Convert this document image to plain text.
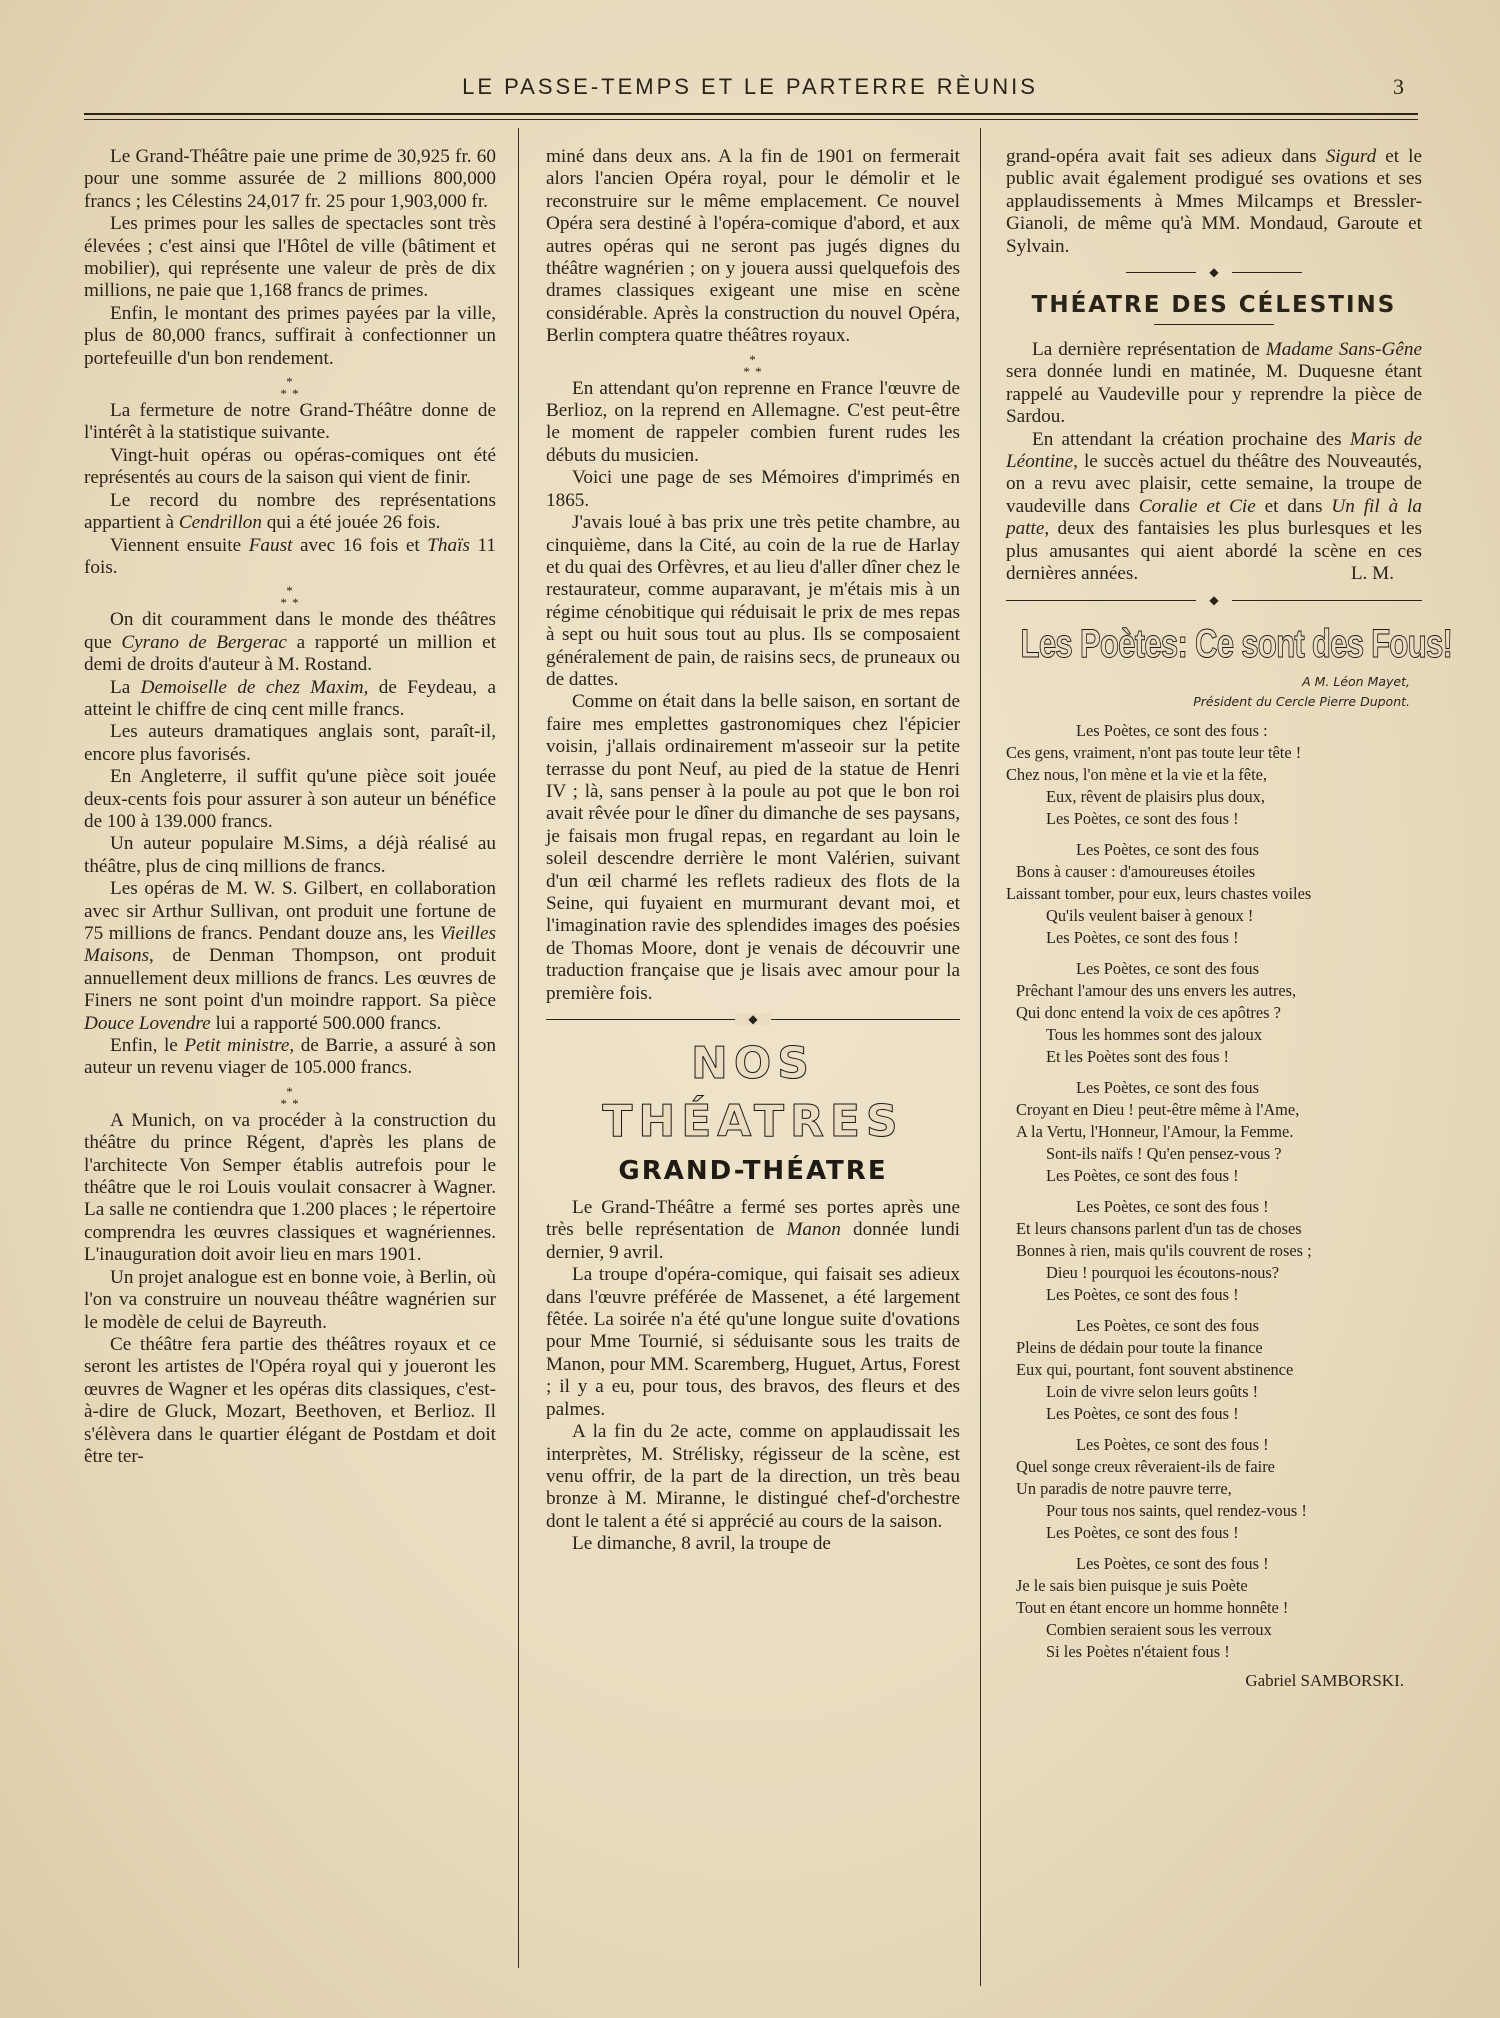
LE PASSE-TEMPS ET LE PARTERRE RÈUNIS	3

Le Grand-Théâtre paie une prime de 30,925 fr. 60 pour une somme assurée de 2 millions 800,000 francs ; les Célestins 24,017 fr. 25 pour 1,903,000 fr.

Les primes pour les salles de spectacles sont très élevées ; c'est ainsi que l'Hôtel de ville (bâtiment et mobilier), qui représente une valeur de près de dix millions, ne paie que 1,168 francs de primes.

Enfin, le montant des primes payées par la ville, plus de 80,000 francs, suffirait à confectionner un portefeuille d'un bon rendement.

*
* *

La fermeture de notre Grand-Théâtre donne de l'intérêt à la statistique suivante.

Vingt-huit opéras ou opéras-comiques ont été représentés au cours de la saison qui vient de finir.

Le record du nombre des représentations appartient à Cendrillon qui a été jouée 26 fois.

Viennent ensuite Faust avec 16 fois et Thaïs 11 fois.

*
* *

On dit couramment dans le monde des théâtres que Cyrano de Bergerac a rapporté un million et demi de droits d'auteur à M. Rostand.

La Demoiselle de chez Maxim, de Feydeau, a atteint le chiffre de cinq cent mille francs.

Les auteurs dramatiques anglais sont, paraît-il, encore plus favorisés.

En Angleterre, il suffit qu'une pièce soit jouée deux-cents fois pour assurer à son auteur un bénéfice de 100 à 139.000 francs.

Un auteur populaire M.Sims, a déjà réalisé au théâtre, plus de cinq millions de francs.

Les opéras de M. W. S. Gilbert, en collaboration avec sir Arthur Sullivan, ont produit une fortune de 75 millions de francs. Pendant douze ans, les Vieilles Maisons, de Denman Thompson, ont produit annuellement deux millions de francs. Les œuvres de Finers ne sont point d'un moindre rapport. Sa pièce Douce Lovendre lui a rapporté 500.000 francs.

Enfin, le Petit ministre, de Barrie, a assuré à son auteur un revenu viager de 105.000 francs.

*
* *

A Munich, on va procéder à la construction du théâtre du prince Régent, d'après les plans de l'architecte Von Semper établis autrefois pour le théâtre que le roi Louis voulait consacrer à Wagner. La salle ne contiendra que 1.200 places ; le répertoire comprendra les œuvres classiques et wagnériennes. L'inauguration doit avoir lieu en mars 1901.

Un projet analogue est en bonne voie, à Berlin, où l'on va construire un nouveau théâtre wagnérien sur le modèle de celui de Bayreuth.

Ce théâtre fera partie des théâtres royaux et ce seront les artistes de l'Opéra royal qui y joueront les œuvres de Wagner et les opéras dits classiques, c'est-à-dire de Gluck, Mozart, Beethoven, et Berlioz. Il s'élèvera dans le quartier élégant de Postdam et doit être ter-

miné dans deux ans. A la fin de 1901 on fermerait alors l'ancien Opéra royal, pour le démolir et le reconstruire sur le même emplacement. Ce nouvel Opéra sera destiné à l'opéra-comique d'abord, et aux autres opéras qui ne seront pas jugés dignes du théâtre wagnérien ; on y jouera aussi quelquefois des drames classiques exigeant une mise en scène considérable. Après la construction du nouvel Opéra, Berlin comptera quatre théâtres royaux.

*
* *

En attendant qu'on reprenne en France l'œuvre de Berlioz, on la reprend en Allemagne. C'est peut-être le moment de rappeler combien furent rudes les débuts du musicien.

Voici une page de ses Mémoires d'imprimés en 1865.

J'avais loué à bas prix une très petite chambre, au cinquième, dans la Cité, au coin de la rue de Harlay et du quai des Orfèvres, et au lieu d'aller dîner chez le restaurateur, comme auparavant, je m'étais mis à un régime cénobitique qui réduisait le prix de mes repas à sept ou huit sous tout au plus. Ils se composaient généralement de pain, de raisins secs, de pruneaux ou de dattes.

Comme on était dans la belle saison, en sortant de faire mes emplettes gastronomiques chez l'épicier voisin, j'allais ordinairement m'asseoir sur la petite terrasse du pont Neuf, au pied de la statue de Henri IV ; là, sans penser à la poule au pot que le bon roi avait rêvée pour le dîner du dimanche de ses paysans, je faisais mon frugal repas, en regardant au loin le soleil descendre derrière le mont Valérien, suivant d'un œil charmé les reflets radieux des flots de la Seine, qui fuyaient en murmurant devant moi, et l'imagination ravie des splendides images des poésies de Thomas Moore, dont je venais de découvrir une traduction française que je lisais avec amour pour la première fois.

◆
NOS THÉATRES
GRAND-THÉATRE

Le Grand-Théâtre a fermé ses portes après une très belle représentation de Manon donnée lundi dernier, 9 avril.

La troupe d'opéra-comique, qui faisait ses adieux dans l'œuvre préférée de Massenet, a été largement fêtée. La soirée n'a été qu'une longue suite d'ovations pour Mme Tournié, si séduisante sous les traits de Manon, pour MM. Scaremberg, Huguet, Artus, Forest ; il y a eu, pour tous, des bravos, des fleurs et des palmes.

A la fin du 2e acte, comme on applaudissait les interprètes, M. Strélisky, régisseur de la scène, est venu offrir, de la part de la direction, un très beau bronze à M. Miranne, le distingué chef-d'orchestre dont le talent a été si apprécié au cours de la saison.

Le dimanche, 8 avril, la troupe de

grand-opéra avait fait ses adieux dans Sigurd et le public avait également prodigué ses ovations et ses applaudissements à Mmes Milcamps et Bressler-Gianoli, de même qu'à MM. Mondaud, Garoute et Sylvain.

◆
THÉATRE DES CÉLESTINS

La dernière représentation de Madame Sans-Gêne sera donnée lundi en matinée, M. Duquesne étant rappelé au Vaudeville pour y reprendre la pièce de Sardou.

En attendant la création prochaine des Maris de Léontine, le succès actuel du théâtre des Nouveautés, on a revu avec plaisir, cette semaine, la troupe de vaudeville dans Coralie et Cie et dans Un fil à la patte, deux des fantaisies les plus burlesques et les plus amusantes qui aient abordé la scène en ces dernières années.	L. M.

◆
Les Poètes: Ce sont des Fous!
A M. Léon Mayet,
Président du Cercle Pierre Dupont.
Les Poètes, ce sont des fous :
Ces gens, vraiment, n'ont pas toute leur tête !
Chez nous, l'on mène et la vie et la fête,
Eux, rêvent de plaisirs plus doux,
Les Poètes, ce sont des fous !
Les Poètes, ce sont des fous
Bons à causer : d'amoureuses étoiles
Laissant tomber, pour eux, leurs chastes voiles
Qu'ils veulent baiser à genoux !
Les Poètes, ce sont des fous !
Les Poètes, ce sont des fous
Prêchant l'amour des uns envers les autres,
Qui donc entend la voix de ces apôtres ?
Tous les hommes sont des jaloux
Et les Poètes sont des fous !
Les Poètes, ce sont des fous
Croyant en Dieu ! peut-être même à l'Ame,
A la Vertu, l'Honneur, l'Amour, la Femme.
Sont-ils naïfs ! Qu'en pensez-vous ?
Les Poètes, ce sont des fous !
Les Poètes, ce sont des fous !
Et leurs chansons parlent d'un tas de choses
Bonnes à rien, mais qu'ils couvrent de roses ;
Dieu ! pourquoi les écoutons-nous?
Les Poètes, ce sont des fous !
Les Poètes, ce sont des fous
Pleins de dédain pour toute la finance
Eux qui, pourtant, font souvent abstinence
Loin de vivre selon leurs goûts !
Les Poètes, ce sont des fous !
Les Poètes, ce sont des fous !
Quel songe creux rêveraient-ils de faire
Un paradis de notre pauvre terre,
Pour tous nos saints, quel rendez-vous !
Les Poètes, ce sont des fous !
Les Poètes, ce sont des fous !
Je le sais bien puisque je suis Poète
Tout en étant encore un homme honnête !
Combien seraient sous les verroux
Si les Poètes n'étaient fous !
Gabriel SAMBORSKI.
